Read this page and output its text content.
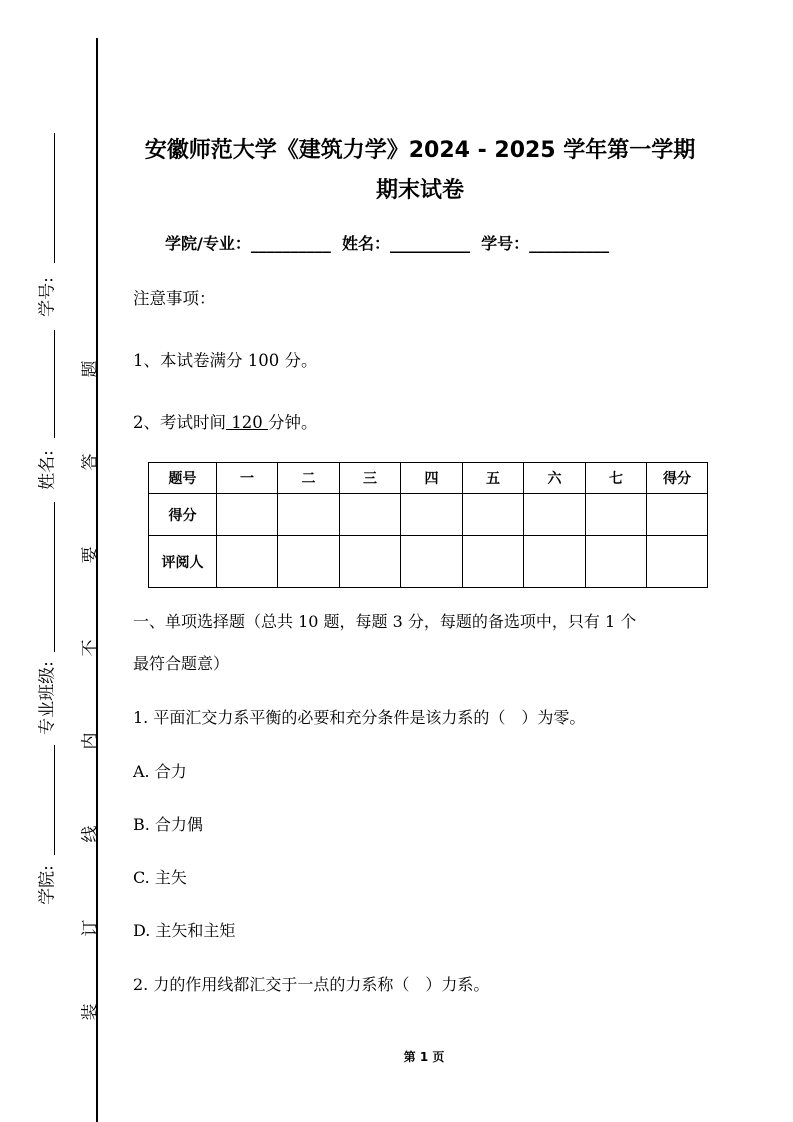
学号:
姓名:
专业班级:
学院:
题
答
要
不
内
线
订
装
安徽师范大学《建筑力学》2024 - 2025 学年第一学期
期末试卷
学院/专业：__________ 姓名：__________ 学号：__________
注意事项：
1、本试卷满分 100 分。
2、考试时间 120 分钟。
题号	一	二	三	四	五	六	七	得分
得分								
评阅人								
一、单项选择题（总共 10 题，每题 3 分，每题的备选项中，只有 1 个
最符合题意）
1. 平面汇交力系平衡的必要和充分条件是该力系的（　）为零。
A. 合力
B. 合力偶
C. 主矢
D. 主矢和主矩
2. 力的作用线都汇交于一点的力系称（　）力系。
第 1 页
